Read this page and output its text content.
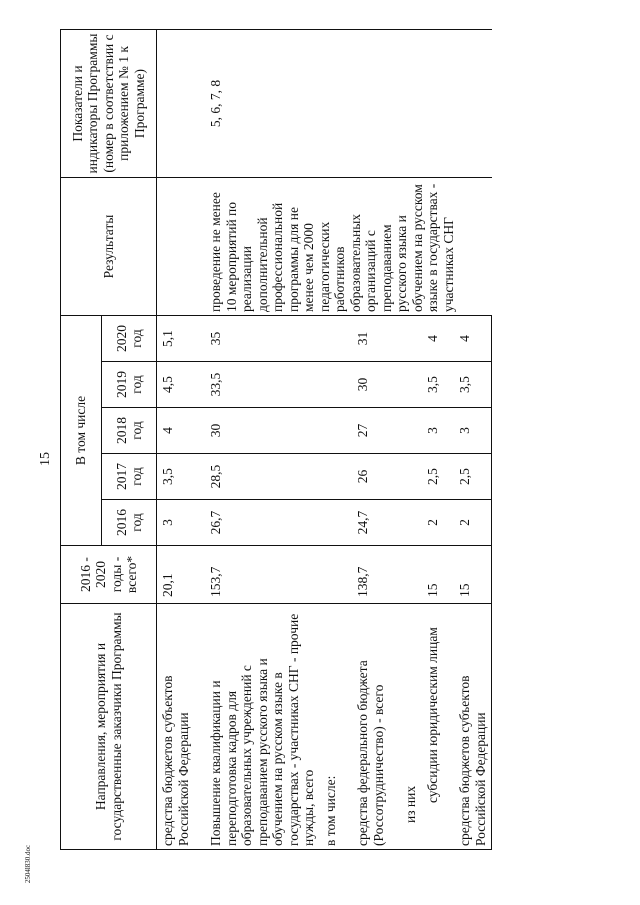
15
2504l830.doc
Направления, мероприятия и государственные заказчики Программы	2016 - 2020 годы - всего*	В том числе					Результаты	Показатели и индикаторы Программы (номер в соответствии с приложением № 1 к Программе)
		2016 год	2017 год	2018 год	2019 год	2020 год		
средства бюджетов субъектов Российской Федерации	20,1	3	3,5	4	4,5	5,1		
Повышение квалификации и переподготовка кадров для образовательных учреждений с преподаванием русского языка и обучением на русском языке в государствах - участниках СНГ - прочие нужды, всего	153,7	26,7	28,5	30	33,5	35	проведение не менее 10 мероприятий по реализации дополнительной профессиональной программы для не менее чем 2000 педагогических работников образовательных организаций с преподаванием русского языка и обучением на русском языке в государствах - участниках СНГ	5, 6, 7, 8
в том числе:								
средства федерального бюджета (Россотрудничество) - всего	138,7	24,7	26	27	30	31		
из них								
субсидии юридическим лицам	15	2	2,5	3	3,5	4		
средства бюджетов субъектов Российской Федерации	15	2	2,5	3	3,5	4		
